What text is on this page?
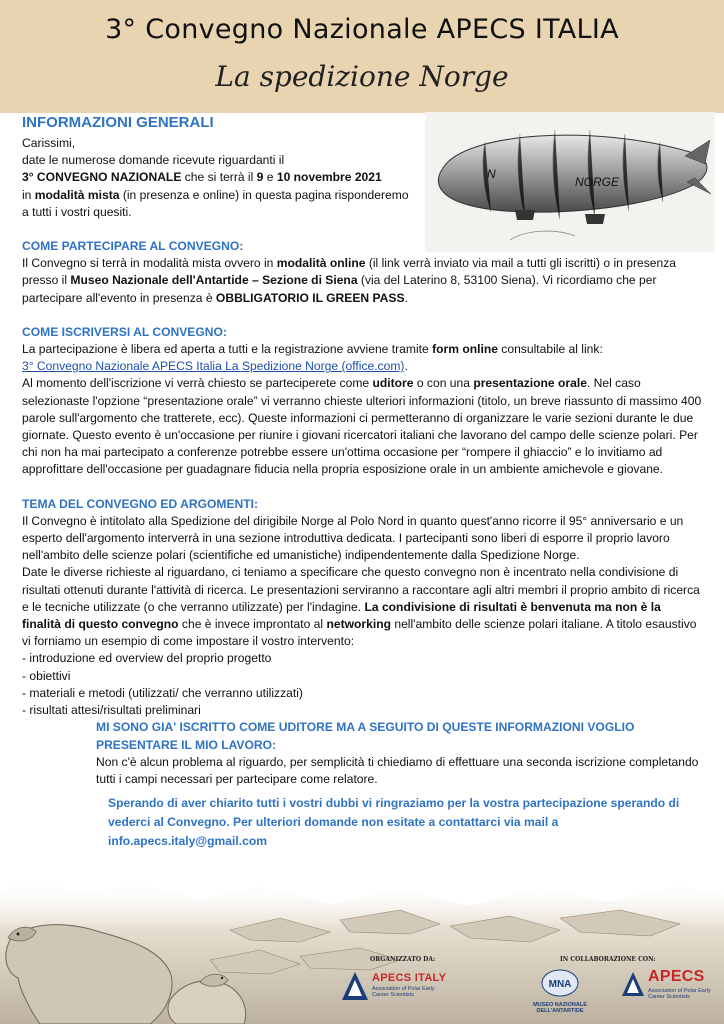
3° Convegno Nazionale APECS ITALIA
La spedizione Norge
N
NORGE
INFORMAZIONI GENERALI

Carissimi,

date le numerose domande ricevute riguardanti il

3° CONVEGNO NAZIONALE che si terrà il 9 e 10 novembre 2021

in modalità mista (in presenza e online) in questa pagina risponderemo

a tutti i vostri quesiti.

COME PARTECIPARE AL CONVEGNO:

Il Convegno si terrà in modalità mista ovvero in modalità online (il link verrà inviato via mail a tutti gli iscritti) o in presenza presso il Museo Nazionale dell'Antartide – Sezione di Siena (via del Laterino 8, 53100 Siena). Vi ricordiamo che per partecipare all'evento in presenza è OBBLIGATORIO IL GREEN PASS.

COME ISCRIVERSI AL CONVEGNO:

La partecipazione è libera ed aperta a tutti e la registrazione avviene tramite form online consultabile al link:

3° Convegno Nazionale APECS Italia La Spedizione Norge (office.com).

Al momento dell'iscrizione vi verrà chiesto se parteciperete come uditore o con una presentazione orale. Nel caso selezionaste l'opzione “presentazione orale” vi verranno chieste ulteriori informazioni (titolo, un breve riassunto di massimo 400 parole sull'argomento che tratterete, ecc). Queste informazioni ci permetteranno di organizzare le varie sezioni durante le due giornate. Questo evento è un'occasione per riunire i giovani ricercatori italiani che lavorano del campo delle scienze polari. Per chi non ha mai partecipato a conferenze potrebbe essere un'ottima occasione per “rompere il ghiaccio” e lo invitiamo ad approfittare dell'occasione per guadagnare fiducia nella propria esposizione orale in un ambiente amichevole e giovane.

TEMA DEL CONVEGNO ED ARGOMENTI:

Il Convegno è intitolato alla Spedizione del dirigibile Norge al Polo Nord in quanto quest'anno ricorre il 95° anniversario e un esperto dell'argomento interverrà in una sezione introduttiva dedicata. I partecipanti sono liberi di esporre il proprio lavoro nell'ambito delle scienze polari (scientifiche ed umanistiche) indipendentemente dalla Spedizione Norge.

Date le diverse richieste al riguardano, ci teniamo a specificare che questo convegno non è incentrato nella condivisione di risultati ottenuti durante l'attività di ricerca. Le presentazioni serviranno a raccontare agli altri membri il proprio ambito di ricerca e le tecniche utilizzate (o che verranno utilizzate) per l'indagine. La condivisione di risultati è benvenuta ma non è la finalità di questo convegno che è invece improntato al networking nell'ambito delle scienze polari italiane. A titolo esaustivo vi forniamo un esempio di come impostare il vostro intervento:

- introduzione ed overview del proprio progetto

- obiettivi

- materiali e metodi (utilizzati/ che verranno utilizzati)

- risultati attesi/risultati preliminari

MI SONO GIA' ISCRITTO COME UDITORE MA A SEGUITO DI QUESTE INFORMAZIONI VOGLIO PRESENTARE IL MIO LAVORO:

Non c'è alcun problema al riguardo, per semplicità ti chiediamo di effettuare una seconda iscrizione completando tutti i campi necessari per partecipare come relatore.

Sperando di aver chiarito tutti i vostri dubbi vi ringraziamo per la vostra partecipazione sperando di vederci al Convegno. Per ulteriori domande non esitate a contattarci via mail a info.apecs.italy@gmail.com

ORGANIZZATO DA:	IN COLLABORAZIONE CON:
APECS ITALY
Association of Polar Early Career Scientists
MNA
MUSEO NAZIONALE DELL'ANTARTIDE
APECS
Association of Polar Early Career Scientists
